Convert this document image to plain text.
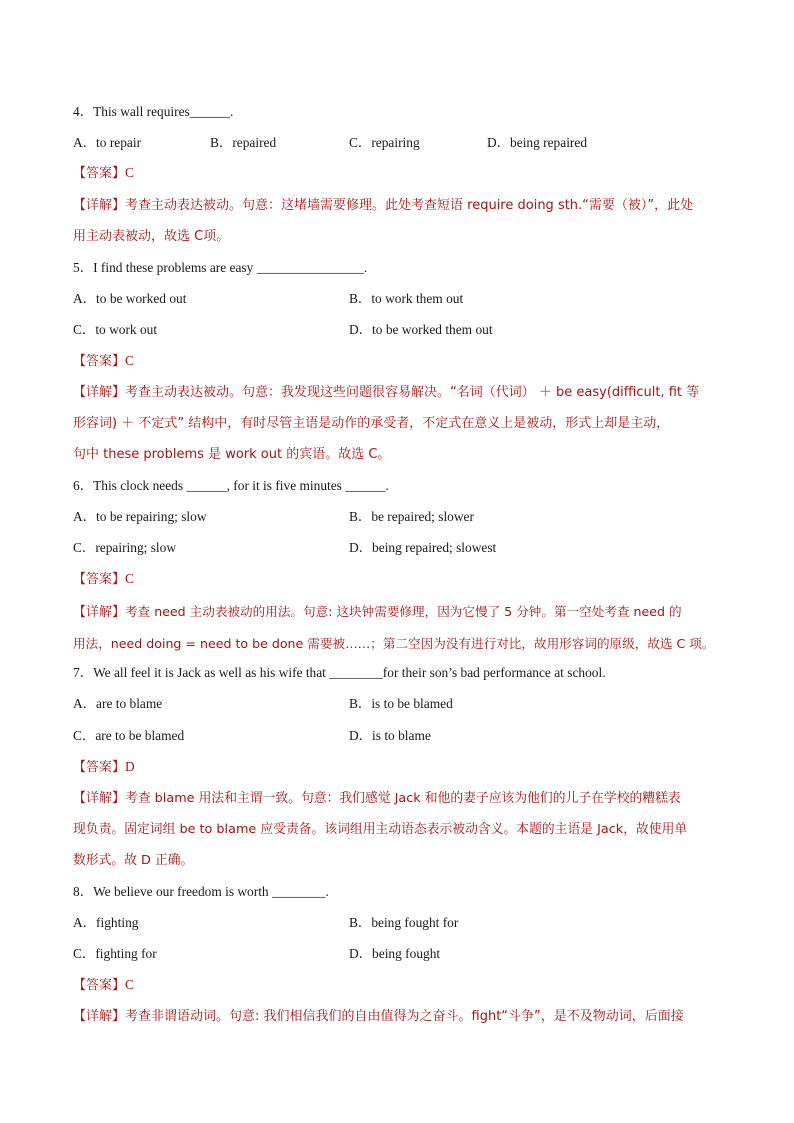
4．This wall requires______.
A．to repair	B．repaired	C．repairing	D．being repaired
【答案】C
【详解】考查主动表达被动。句意：这堵墙需要修理。此处考查短语 require doing sth.“需要（被）”，此处
用主动表被动，故选 C项。
5．I find these problems are easy ________________.
A．to be worked out	B．to work them out
C．to work out	D．to be worked them out
【答案】C
【详解】考查主动表达被动。句意：我发现这些问题很容易解决。“名词（代词） ＋ be easy(difficult, fit 等
形容词) ＋ 不定式” 结构中，有时尽管主语是动作的承受者，不定式在意义上是被动，形式上却是主动，
句中 these problems 是 work out 的宾语。故选 C。
6．This clock needs ______, for it is five minutes ______.
A．to be repairing; slow	B．be repaired; slower
C．repairing; slow	D．being repaired; slowest
【答案】C
【详解】考查 need 主动表被动的用法。句意: 这块钟需要修理，因为它慢了 5 分钟。第一空处考查 need 的
用法，need doing = need to be done 需要被……；第二空因为没有进行对比，故用形容词的原级，故选 C 项。
7．We all feel it is Jack as well as his wife that ________for their son’s bad performance at school.
A．are to blame	B．is to be blamed
C．are to be blamed	D．is to blame
【答案】D
【详解】考查 blame 用法和主谓一致。句意：我们感觉 Jack 和他的妻子应该为他们的儿子在学校的糟糕表
现负责。固定词组 be to blame 应受责备。该词组用主动语态表示被动含义。本题的主语是 Jack，故使用单
数形式。故 D 正确。
8．We believe our freedom is worth ________.
A．fighting	B．being fought for
C．fighting for	D．being fought
【答案】C
【详解】考查非谓语动词。句意: 我们相信我们的自由值得为之奋斗。fight“斗争”，是不及物动词，后面接
